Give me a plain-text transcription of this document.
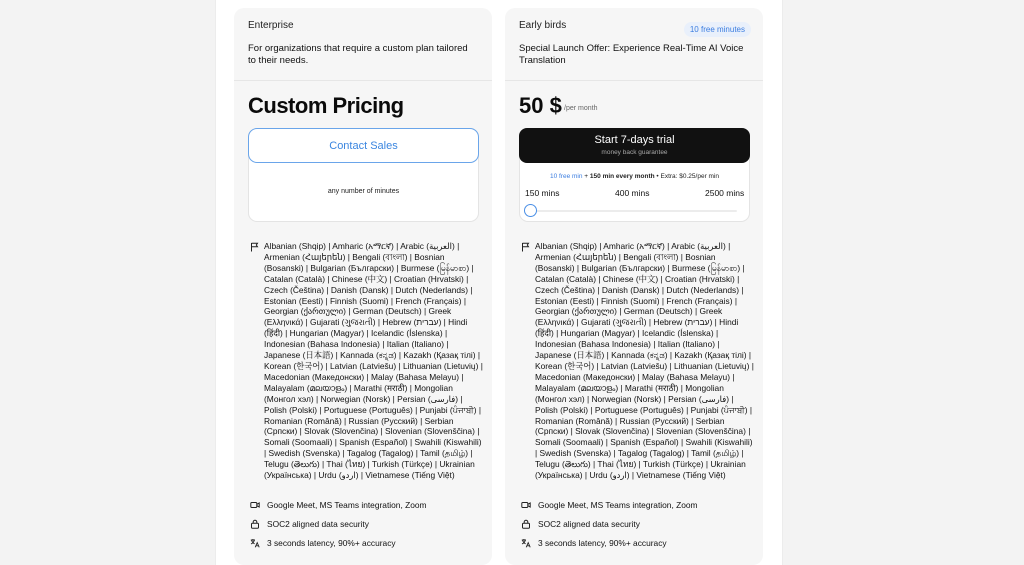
Enterprise
For organizations that require a custom plan tailored to their needs.
Custom Pricing
Contact Sales
any number of minutes
Albanian (Shqip) | Amharic (አማርኛ) | Arabic (العربية) | Armenian (Հայերեն) | Bengali (বাংলা) | Bosnian (Bosanski) | Bulgarian (Български) | Burmese (မြန်မာစာ) | Catalan (Català) | Chinese (中文) | Croatian (Hrvatski) | Czech (Čeština) | Danish (Dansk) | Dutch (Nederlands) | Estonian (Eesti) | Finnish (Suomi) | French (Français) | Georgian (ქართული) | German (Deutsch) | Greek (Ελληνικά) | Gujarati (ગુજરાતી) | Hebrew (עברית) | Hindi (हिंदी) | Hungarian (Magyar) | Icelandic (Íslenska) | Indonesian (Bahasa Indonesia) | Italian (Italiano) | Japanese (日本語) | Kannada (ಕನ್ನಡ) | Kazakh (Қазақ тілі) | Korean (한국어) | Latvian (Latviešu) | Lithuanian (Lietuvių) | Macedonian (Македонски) | Malay (Bahasa Melayu) | Malayalam (മലയാളം) | Marathi (मराठी) | Mongolian (Монгол хэл) | Norwegian (Norsk) | Persian (فارسی) | Polish (Polski) | Portuguese (Português) | Punjabi (ਪੰਜਾਬੀ) | Romanian (Română) | Russian (Русский) | Serbian (Српски) | Slovak (Slovenčina) | Slovenian (Slovenščina) | Somali (Soomaali) | Spanish (Español) | Swahili (Kiswahili) | Swedish (Svenska) | Tagalog (Tagalog) | Tamil (தமிழ்) | Telugu (తెలుగు) | Thai (ไทย) | Turkish (Türkçe) | Ukrainian (Українська) | Urdu (اردو) | Vietnamese (Tiếng Việt)
Google Meet, MS Teams integration, Zoom
SOC2 aligned data security
3 seconds latency, 90%+ accuracy
Early birds	10 free minutes
Special Launch Offer: Experience Real-Time AI Voice Translation
50 $ /per month
Start 7-days trial
money back guarantee
10 free min + 150 min every month • Extra: $0.25/per min
150 mins	400 mins	2500 mins
Albanian (Shqip) | Amharic (አማርኛ) | Arabic (العربية) | Armenian (Հայերեն) | Bengali (বাংলা) | Bosnian (Bosanski) | Bulgarian (Български) | Burmese (မြန်မာစာ) | Catalan (Català) | Chinese (中文) | Croatian (Hrvatski) | Czech (Čeština) | Danish (Dansk) | Dutch (Nederlands) | Estonian (Eesti) | Finnish (Suomi) | French (Français) | Georgian (ქართული) | German (Deutsch) | Greek (Ελληνικά) | Gujarati (ગુજરાતી) | Hebrew (עברית) | Hindi (हिंदी) | Hungarian (Magyar) | Icelandic (Íslenska) | Indonesian (Bahasa Indonesia) | Italian (Italiano) | Japanese (日本語) | Kannada (ಕನ್ನಡ) | Kazakh (Қазақ тілі) | Korean (한국어) | Latvian (Latviešu) | Lithuanian (Lietuvių) | Macedonian (Македонски) | Malay (Bahasa Melayu) | Malayalam (മലയാളം) | Marathi (मराठी) | Mongolian (Монгол хэл) | Norwegian (Norsk) | Persian (فارسی) | Polish (Polski) | Portuguese (Português) | Punjabi (ਪੰਜਾਬੀ) | Romanian (Română) | Russian (Русский) | Serbian (Српски) | Slovak (Slovenčina) | Slovenian (Slovenščina) | Somali (Soomaali) | Spanish (Español) | Swahili (Kiswahili) | Swedish (Svenska) | Tagalog (Tagalog) | Tamil (தமிழ்) | Telugu (తెలుగు) | Thai (ไทย) | Turkish (Türkçe) | Ukrainian (Українська) | Urdu (اردو) | Vietnamese (Tiếng Việt)
Google Meet, MS Teams integration, Zoom
SOC2 aligned data security
3 seconds latency, 90%+ accuracy
